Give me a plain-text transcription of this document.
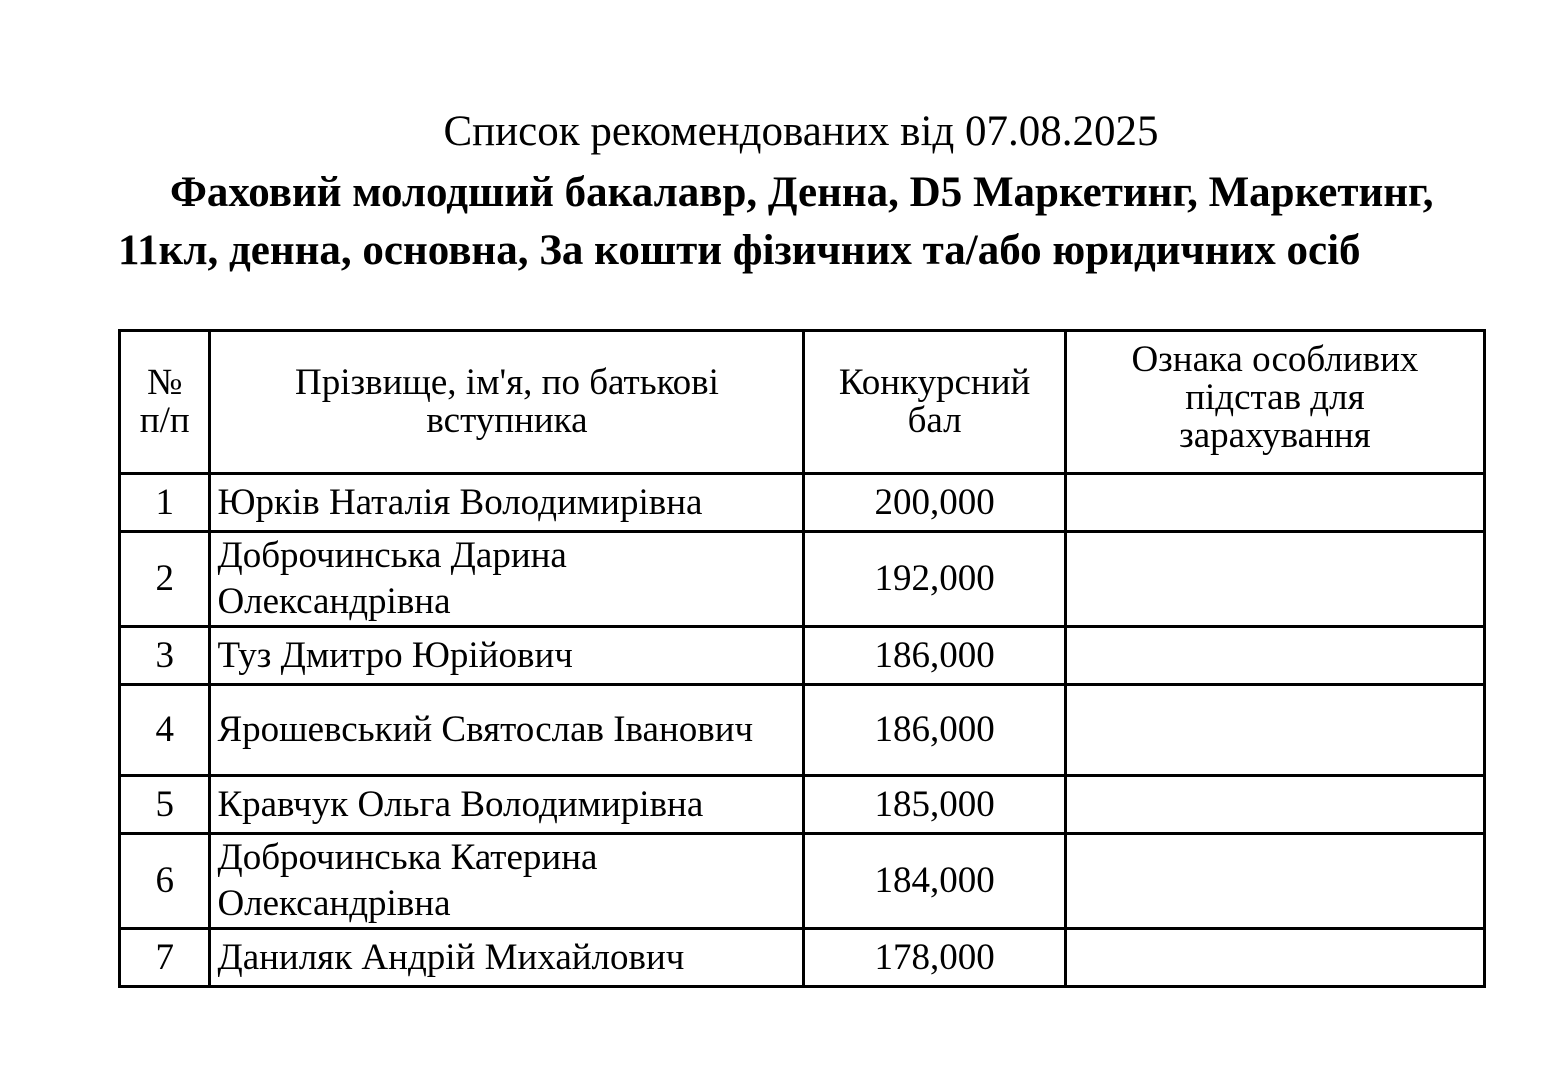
Список рекомендованих від 07.08.2025
Фаховий молодший бакалавр, Денна, D5 Маркетинг, Маркетинг, 11кл, денна, основна, За кошти фізичних та/або юридичних осіб
№ п/п	Прізвище, ім'я, по батькові вступника	Конкурсний бал	Ознака особливих підстав для зарахування

1	Юрків Наталія Володимирівна	200,000	
2	Доброчинська Дарина Олександрівна	192,000	
3	Туз Дмитро Юрійович	186,000	
4	Ярошевський Святослав Іванович	186,000	
5	Кравчук Ольга Володимирівна	185,000	
6	Доброчинська Катерина Олександрівна	184,000	
7	Даниляк Андрій Михайлович	178,000	
